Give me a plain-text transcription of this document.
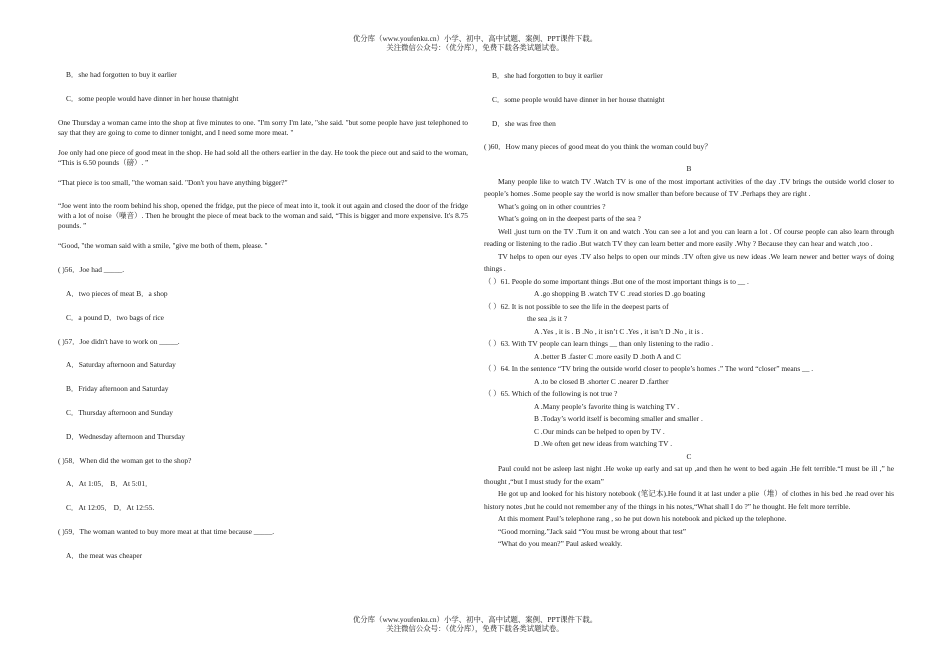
优分库（www.youfenku.cn）小学、初中、高中试题、案例、PPT课件下载。
关注微信公众号：（优分库），免费下载各类试题试卷。

B．she had forgotten to buy it earlier

C．some people would have dinner in her house thatnight

One Thursday a woman came into the shop at five minutes to one. "I'm sorry I'm late, "she said. "but some people have just telephoned to say that they are going to come to dinner tonight, and I need some more meat. "

Joe only had one piece of good meat in the shop. He had sold all the others earlier in the day. He took the piece out and said to the woman, “This is 6.50 pounds（磅）. ”

“That piece is too small, "the woman said. "Don't you have anything bigger?"

“Joe went into the room behind his shop, opened the fridge, put the piece of meat into it, took it out again and closed the door of the fridge with a lot of noise（噪音）. Then he brought the piece of meat back to the woman and said, “This is bigger and more expensive. It's 8.75 pounds. ”

“Good, "the woman said with a smile, "give me both of them, please. "

( )56．Joe had _____.

A．two pieces of meat B．a shop

C．a pound D．two bags of rice

( )57．Joe didn't have to work on _____.

A．Saturday afternoon and Saturday

B．Friday afternoon and Saturday

C．Thursday afternoon and Sunday

D．Wednesday afternoon and Thursday

( )58．When did the woman get to the shop?

A．At 1:05． B．At 5:01．

C．At 12:05． D．At 12:55.

( )59．The woman wanted to buy more meat at that time because _____.

A．the meat was cheaper

B．she had forgotten to buy it earlier

C．some people would have dinner in her house thatnight

D．she was free then

( )60．How many pieces of good meat do you think the woman could buy？

B

Many people like to watch TV .Watch TV is one of the most important activities of the day .TV brings the outside world closer to people’s homes .Some people say the world is now smaller than before because of TV .Perhaps they are right .

What’s going on in other countries ?

What’s going on in the deepest parts of the sea ?

Well ,just turn on the TV .Turn it on and watch .You can see a lot and you can learn a lot . Of course people can also learn through reading or listening to the radio .But watch TV they can learn better and more easily .Why ? Because they can hear and watch ,too .

TV helps to open our eyes .TV also helps to open our minds .TV often give us new ideas .We learn newer and better ways of doing things .

（ ）61. People do some important things .But one of the most important things is to __ .

A .go shopping B .watch TV C .read stories D .go boating

（ ）62. It is not possible to see the life in the deepest parts of

the sea ,is it ?

A .Yes , it is . B .No , it isn’t C .Yes , it isn’t D .No , it is .

（ ）63. With TV people can learn things __ than only listening to the radio .

A .better B .faster C .more easily D .both A and C

（ ）64. In the sentence “TV bring the outside world closer to people’s homes .” The word “closer” means __ .

A .to be closed B .shorter C .nearer D .farther

（ ）65. Which of the following is not true ?

A .Many people’s favorite thing is watching TV .

B .Today’s world itself is becoming smaller and smaller .

C .Our minds can be helped to open by TV .

D .We often get new ideas from watching TV .

C

Paul could not be asleep last night .He woke up early and sat up ,and then he went to bed again .He felt terrible.“I must be ill ,” he thought ,“but I must study for the exam”

He got up and looked for his history notebook (笔记本).He found it at last under a plie（堆）of clothes in his bed .he read over his history notes ,but he could not remember any of the things in his notes,“What shall I do ?” he thought. He felt more terrible.

At this moment Paul’s telephone rang , so he put down his notebook and picked up the telephone.

“Good morning.”Jack said “You must be wrong about that test”

“What do you mean?” Paul asked weakly.

优分库（www.youfenku.cn）小学、初中、高中试题、案例、PPT课件下载。
关注微信公众号：（优分库），免费下载各类试题试卷。
